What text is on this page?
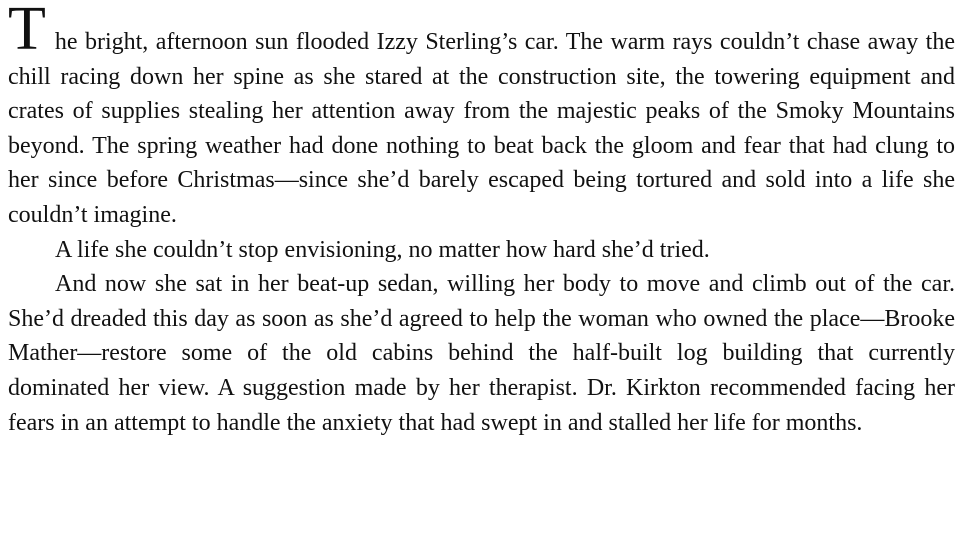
The bright, afternoon sun flooded Izzy Sterling’s car. The warm rays couldn’t chase away the chill racing down her spine as she stared at the construction site, the towering equipment and crates of supplies stealing her attention away from the majestic peaks of the Smoky Mountains beyond. The spring weather had done nothing to beat back the gloom and fear that had clung to her since before Christmas—since she’d barely escaped being tortured and sold into a life she couldn’t imagine.

A life she couldn’t stop envisioning, no matter how hard she’d tried.

And now she sat in her beat-up sedan, willing her body to move and climb out of the car. She’d dreaded this day as soon as she’d agreed to help the woman who owned the place—Brooke Mather—restore some of the old cabins behind the half-built log building that currently dominated her view. A suggestion made by her therapist. Dr. Kirkton recommended facing her fears in an attempt to handle the anxiety that had swept in and stalled her life for months.
